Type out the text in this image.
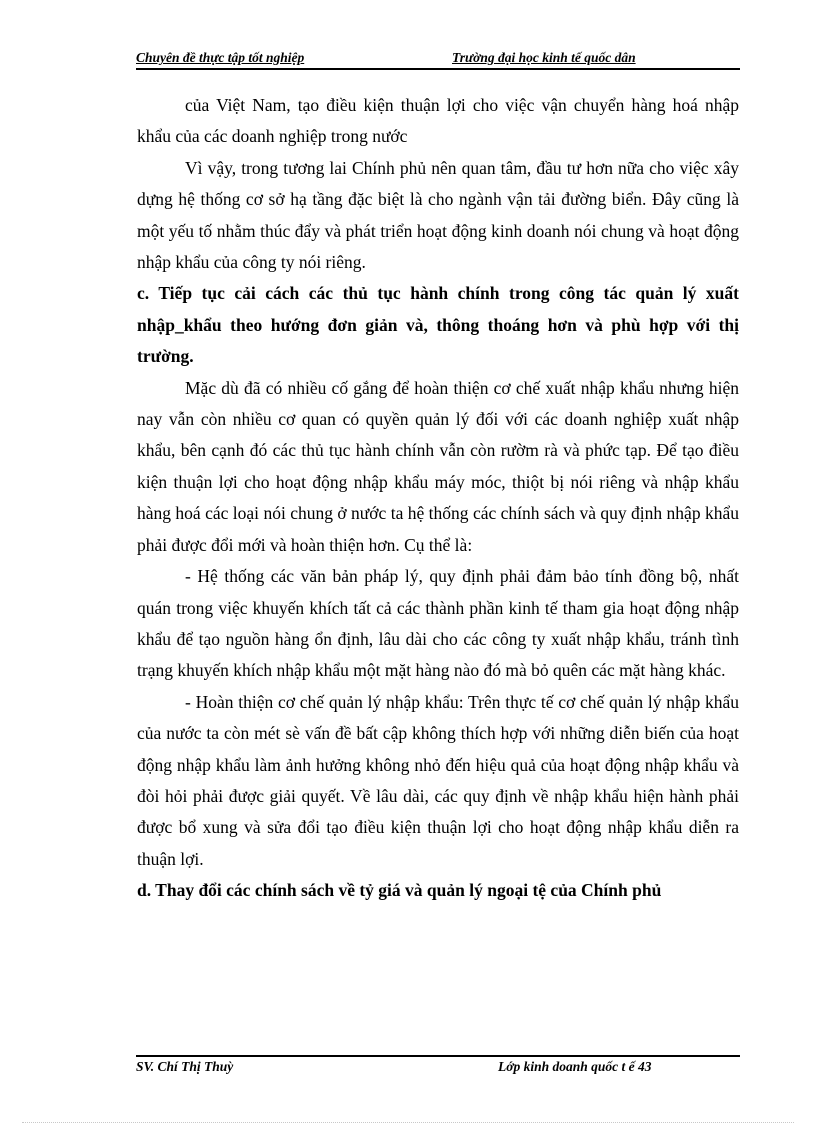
Chuyên đề thực tập tốt nghiệp	Trường đại học kinh tế quốc dân

của Việt Nam, tạo điều kiện thuận lợi cho việc vận chuyển hàng hoá nhập khẩu của các doanh nghiệp trong nước

Vì vậy, trong tương lai Chính phủ nên quan tâm, đầu tư hơn nữa cho việc xây dựng hệ thống cơ sở hạ tầng đặc biệt là cho ngành vận tải đường biển. Đây cũng là một yếu tố nhằm thúc đẩy và phát triển hoạt động kinh doanh nói chung và hoạt động nhập khẩu của công ty nói riêng.

c. Tiếp tục cải cách các thủ tục hành chính trong công tác quản lý xuất nhập_khẩu theo hướng đơn giản và, thông thoáng hơn và phù hợp với thị trường.

Mặc dù đã có nhiều cố gắng để hoàn thiện cơ chế xuất nhập khẩu nhưng hiện nay vẫn còn nhiều cơ quan có quyền quản lý đối với các doanh nghiệp xuất nhập khẩu, bên cạnh đó các thủ tục hành chính vẫn còn rườm rà và phức tạp. Để tạo điều kiện thuận lợi cho hoạt động nhập khẩu máy móc, thiột bị nói riêng và nhập khẩu hàng hoá các loại nói chung ở nước ta hệ thống các chính sách và quy định nhập khẩu phải được đổi mới và hoàn thiện hơn. Cụ thể là:

- Hệ thống các văn bản pháp lý, quy định phải đảm bảo tính đồng bộ, nhất quán trong việc khuyến khích tất cả các thành phần kinh tế tham gia hoạt động nhập khẩu để tạo nguồn hàng ổn định, lâu dài cho các công ty xuất nhập khẩu, tránh tình trạng khuyến khích nhập khẩu một mặt hàng nào đó mà bỏ quên các mặt hàng khác.

- Hoàn thiện cơ chế quản lý nhập khẩu: Trên thực tế cơ chế quản lý nhập khẩu của nước ta còn mét sè vấn đề bất cập không thích hợp với những diễn biến của hoạt động nhập khẩu làm ảnh hưởng không nhỏ đến hiệu quả của hoạt động nhập khẩu và đòi hỏi phải được giải quyết. Về lâu dài, các quy định về nhập khẩu hiện hành phải được bổ xung và sửa đổi tạo điều kiện thuận lợi cho hoạt động nhập khẩu diễn ra thuận lợi.

d. Thay đổi các chính sách về tỷ giá và quản lý ngoại tệ của Chính phủ

SV. Chí Thị Thuỳ	Lớp kinh doanh quốc t ế 43
